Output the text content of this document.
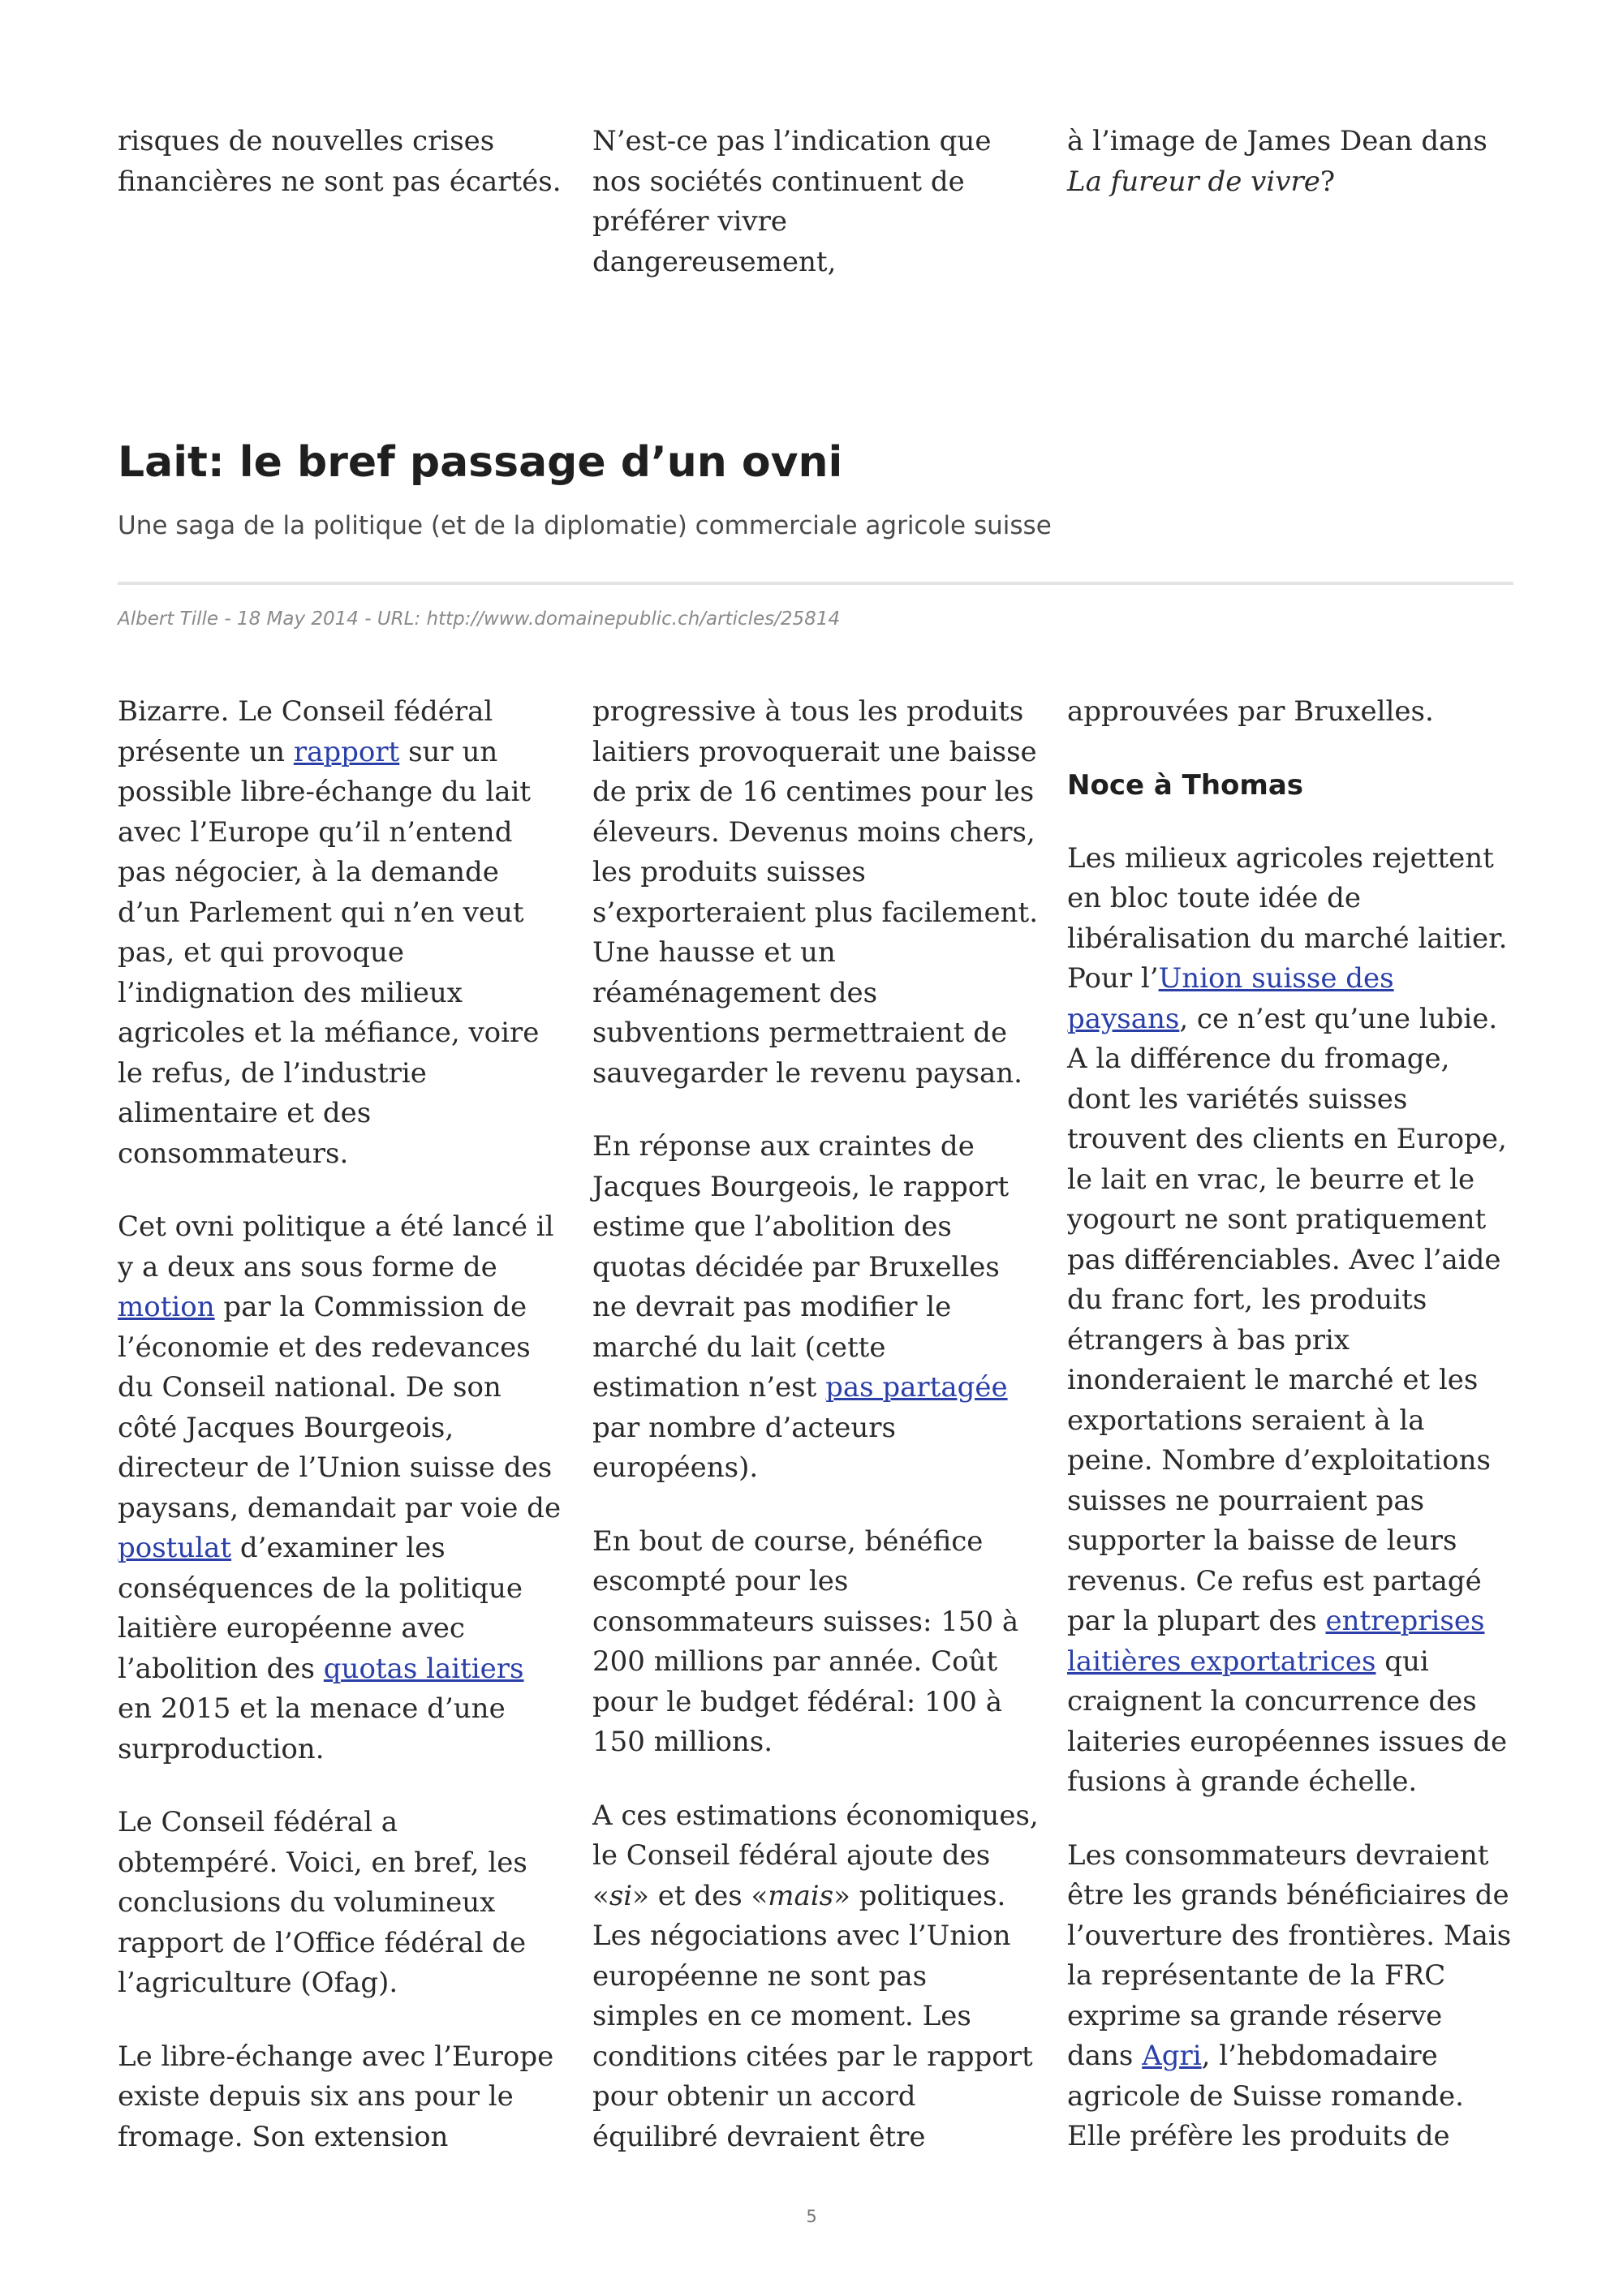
risques de nouvelles crises financières ne sont pas écartés.

N’est-ce pas l’indication que nos sociétés continuent de préférer vivre dangereusement,

à l’image de James Dean dans La fureur de vivre?

Lait: le bref passage d’un ovni
Une saga de la politique (et de la diplomatie) commerciale agricole suisse
Albert Tille - 18 May 2014 - URL: http://www.domainepublic.ch/articles/25814

Bizarre. Le Conseil fédéral présente un rapport sur un possible libre-échange du lait avec l’Europe qu’il n’entend pas négocier, à la demande d’un Parlement qui n’en veut pas, et qui provoque l’indignation des milieux agricoles et la méfiance, voire le refus, de l’industrie alimentaire et des consommateurs.

Cet ovni politique a été lancé il y a deux ans sous forme de motion par la Commission de l’économie et des redevances du Conseil national. De son côté Jacques Bourgeois, directeur de l’Union suisse des paysans, demandait par voie de postulat d’examiner les conséquences de la politique laitière européenne avec l’abolition des quotas laitiers en 2015 et la menace d’une surproduction.

Le Conseil fédéral a obtempéré. Voici, en bref, les conclusions du volumineux rapport de l’Office fédéral de l’agriculture (Ofag).

Le libre-échange avec l’Europe existe depuis six ans pour le fromage. Son extension

progressive à tous les produits laitiers provoquerait une baisse de prix de 16 centimes pour les éleveurs. Devenus moins chers, les produits suisses s’exporteraient plus facilement. Une hausse et un réaménagement des subventions permettraient de sauvegarder le revenu paysan.

En réponse aux craintes de Jacques Bourgeois, le rapport estime que l’abolition des quotas décidée par Bruxelles ne devrait pas modifier le marché du lait (cette estimation n’est pas partagée par nombre d’acteurs européens).

En bout de course, bénéfice escompté pour les consommateurs suisses: 150 à 200 millions par année. Coût pour le budget fédéral: 100 à 150 millions.

A ces estimations économiques, le Conseil fédéral ajoute des «si» et des «mais» politiques. Les négociations avec l’Union européenne ne sont pas simples en ce moment. Les conditions citées par le rapport pour obtenir un accord équilibré devraient être

approuvées par Bruxelles.

Noce à Thomas

Les milieux agricoles rejettent en bloc toute idée de libéralisation du marché laitier. Pour l’Union suisse des paysans, ce n’est qu’une lubie. A la différence du fromage, dont les variétés suisses trouvent des clients en Europe, le lait en vrac, le beurre et le yogourt ne sont pratiquement pas différenciables. Avec l’aide du franc fort, les produits étrangers à bas prix inonderaient le marché et les exportations seraient à la peine. Nombre d’exploitations suisses ne pourraient pas supporter la baisse de leurs revenus. Ce refus est partagé par la plupart des entreprises laitières exportatrices qui craignent la concurrence des laiteries européennes issues de fusions à grande échelle.

Les consommateurs devraient être les grands bénéficiaires de l’ouverture des frontières. Mais la représentante de la FRC exprime sa grande réserve dans Agri, l’hebdomadaire agricole de Suisse romande. Elle préfère les produits de

5
